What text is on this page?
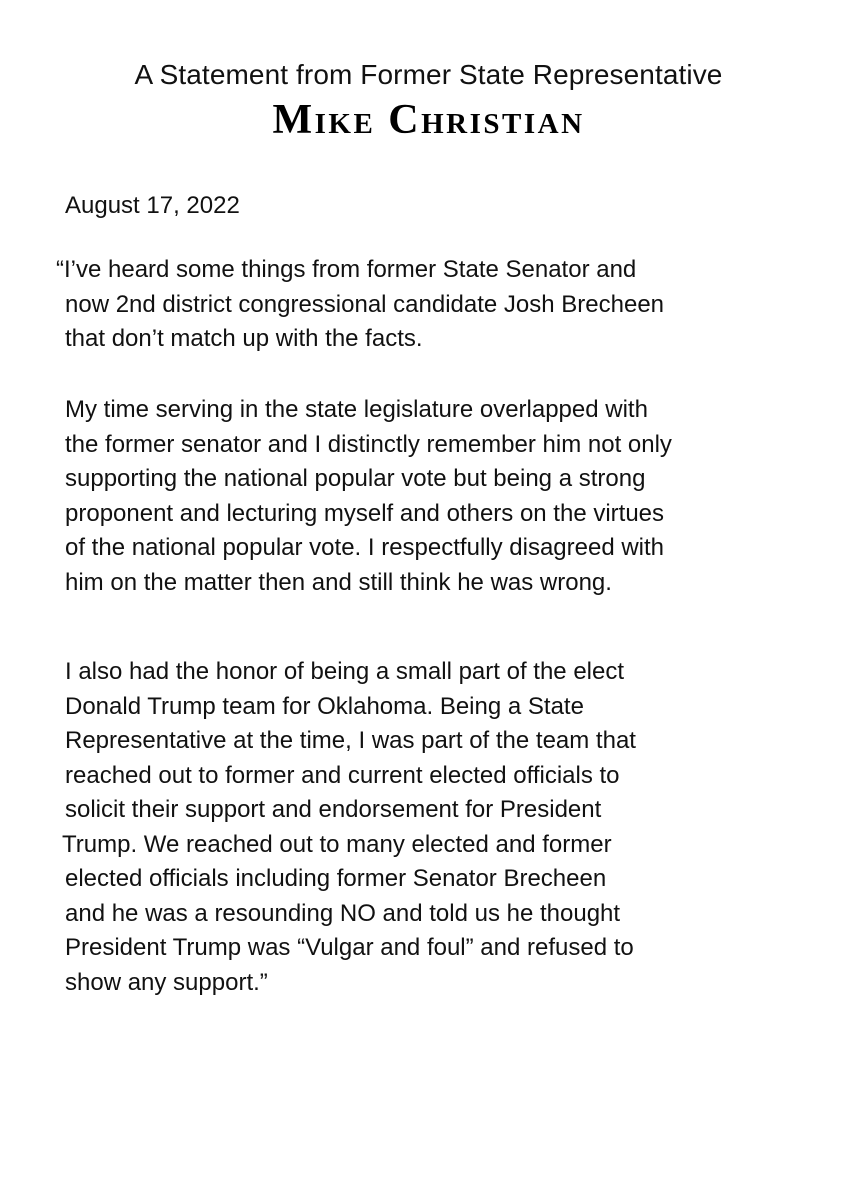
A Statement from Former State Representative
Mike Christian
August 17, 2022
“I’ve heard some things from former State Senator and
now 2nd district congressional candidate Josh Brecheen
that don’t match up with the facts.
My time serving in the state legislature overlapped with
the former senator and I distinctly remember him not only
supporting the national popular vote but being a strong
proponent and lecturing myself and others on the virtues
of the national popular vote. I respectfully disagreed with
him on the matter then and still think he was wrong.
I also had the honor of being a small part of the elect
Donald Trump team for Oklahoma. Being a State
Representative at the time, I was part of the team that
reached out to former and current elected officials to
solicit their support and endorsement for President
Trump. We reached out to many elected and former
elected officials including former Senator Brecheen
and he was a resounding NO and told us he thought
President Trump was “Vulgar and foul” and refused to
show any support.”
